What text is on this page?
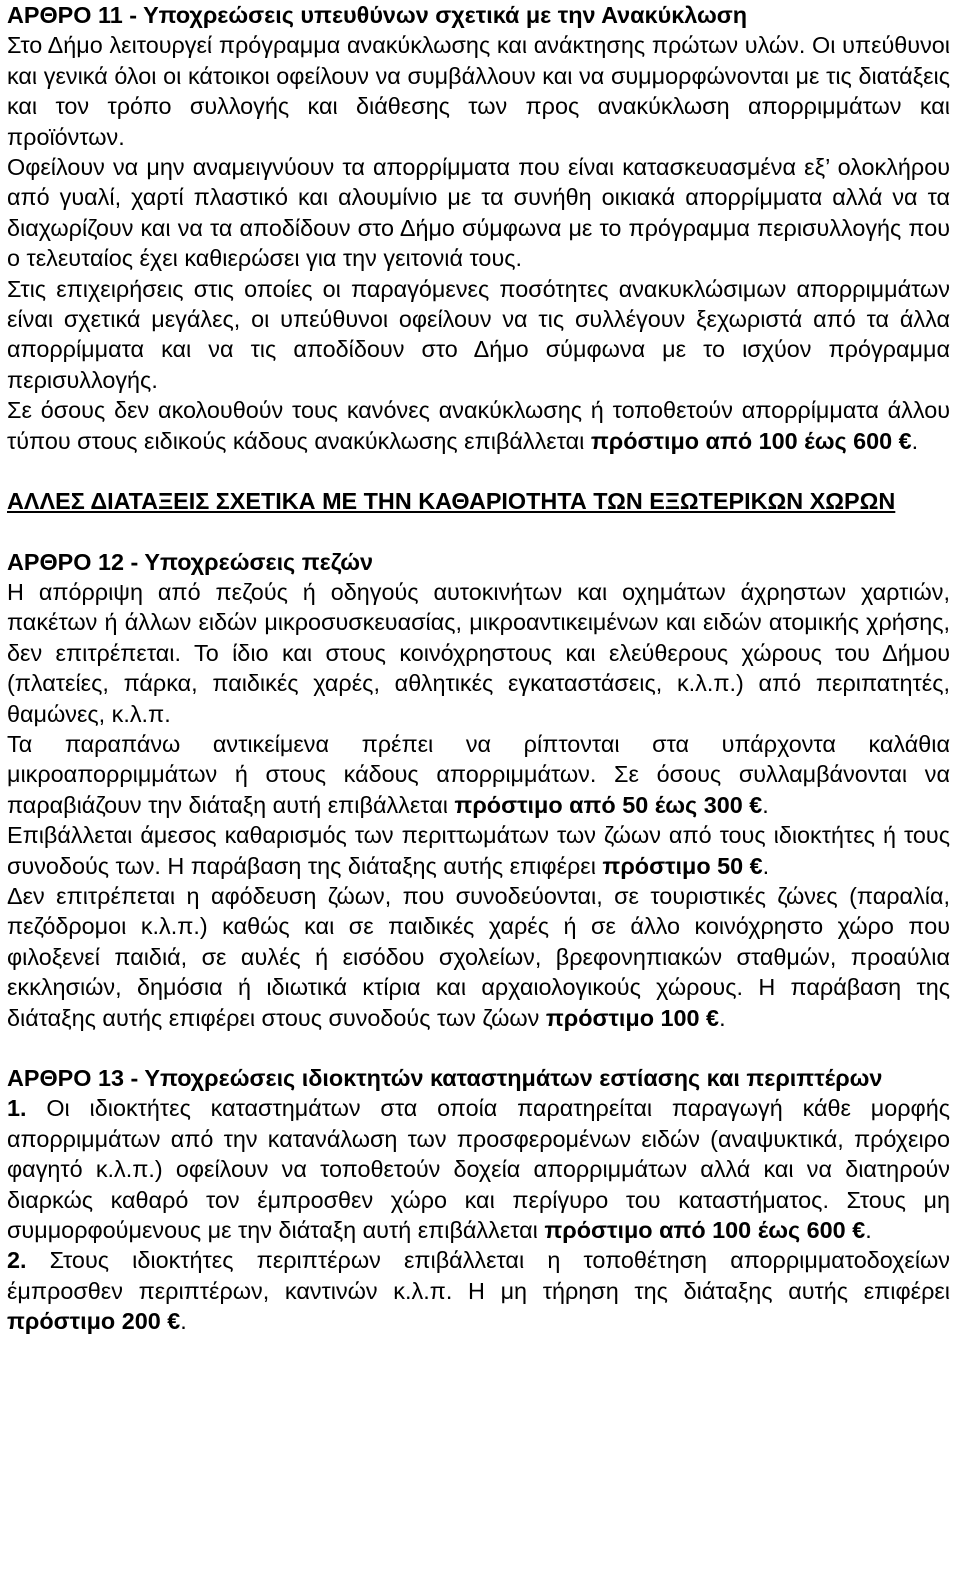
ΑΡΘΡΟ 11 - Υποχρεώσεις υπευθύνων σχετικά με την Ανακύκλωση

Στο Δήμο λειτουργεί πρόγραμμα ανακύκλωσης και ανάκτησης πρώτων υλών. Οι υπεύθυνοι και γενικά όλοι οι κάτοικοι οφείλουν να συμβάλλουν και να συμμορφώνονται με τις διατάξεις και τον τρόπο συλλογής και διάθεσης των προς ανακύκλωση απορριμμάτων και προϊόντων.

Οφείλουν να μην αναμειγνύουν τα απορρίμματα που είναι κατασκευασμένα εξ’ ολοκλήρου από γυαλί, χαρτί πλαστικό και αλουμίνιο με τα συνήθη οικιακά απορρίμματα αλλά να τα διαχωρίζουν και να τα αποδίδουν στο Δήμο σύμφωνα με το πρόγραμμα περισυλλογής που ο τελευταίος έχει καθιερώσει για την γειτονιά τους.

Στις επιχειρήσεις στις οποίες οι παραγόμενες ποσότητες ανακυκλώσιμων απορριμμάτων είναι σχετικά μεγάλες, οι υπεύθυνοι οφείλουν να τις συλλέγουν ξεχωριστά από τα άλλα απορρίμματα και να τις αποδίδουν στο Δήμο σύμφωνα με το ισχύον πρόγραμμα περισυλλογής.

Σε όσους δεν ακολουθούν τους κανόνες ανακύκλωσης ή τοποθετούν απορρίμματα άλλου τύπου στους ειδικούς κάδους ανακύκλωσης επιβάλλεται πρόστιμο από 100 έως 600 €.

ΑΛΛΕΣ ΔΙΑΤΑΞΕΙΣ ΣΧΕΤΙΚΑ ΜΕ ΤΗΝ ΚΑΘΑΡΙΟΤΗΤΑ ΤΩΝ ΕΞΩΤΕΡΙΚΩΝ ΧΩΡΩΝ

ΑΡΘΡΟ 12 - Υποχρεώσεις πεζών

Η απόρριψη από πεζούς ή οδηγούς αυτοκινήτων και οχημάτων άχρηστων χαρτιών, πακέτων ή άλλων ειδών μικροσυσκευασίας, μικροαντικειμένων και ειδών ατομικής χρήσης, δεν επιτρέπεται. Το ίδιο και στους κοινόχρηστους και ελεύθερους χώρους του Δήμου (πλατείες, πάρκα, παιδικές χαρές, αθλητικές εγκαταστάσεις, κ.λ.π.) από περιπατητές, θαμώνες, κ.λ.π.

Τα παραπάνω αντικείμενα πρέπει να ρίπτονται στα υπάρχοντα καλάθια μικροαπορριμμάτων ή στους κάδους απορριμμάτων. Σε όσους συλλαμβάνονται να παραβιάζουν την διάταξη αυτή επιβάλλεται πρόστιμο από 50 έως 300 €.

Επιβάλλεται άμεσος καθαρισμός των περιττωμάτων των ζώων από τους ιδιοκτήτες ή τους συνοδούς των. Η παράβαση της διάταξης αυτής επιφέρει πρόστιμο 50 €.

Δεν επιτρέπεται η αφόδευση ζώων, που συνοδεύονται, σε τουριστικές ζώνες (παραλία, πεζόδρομοι κ.λ.π.) καθώς και σε παιδικές χαρές ή σε άλλο κοινόχρηστο χώρο που φιλοξενεί παιδιά, σε αυλές ή εισόδου σχολείων, βρεφονηπιακών σταθμών, προαύλια εκκλησιών, δημόσια ή ιδιωτικά κτίρια και αρχαιολογικούς χώρους. Η παράβαση της διάταξης αυτής επιφέρει στους συνοδούς των ζώων πρόστιμο 100 €.

ΑΡΘΡΟ 13 - Υποχρεώσεις ιδιοκτητών καταστημάτων εστίασης και περιπτέρων

1. Οι ιδιοκτήτες καταστημάτων στα οποία παρατηρείται παραγωγή κάθε μορφής απορριμμάτων από την κατανάλωση των προσφερομένων ειδών (αναψυκτικά, πρόχειρο φαγητό κ.λ.π.) οφείλουν να τοποθετούν δοχεία απορριμμάτων αλλά και να διατηρούν διαρκώς καθαρό τον έμπροσθεν χώρο και περίγυρο του καταστήματος. Στους μη συμμορφούμενους με την διάταξη αυτή επιβάλλεται πρόστιμο από 100 έως 600 €.

2. Στους ιδιοκτήτες περιπτέρων επιβάλλεται η τοποθέτηση απορριμματοδοχείων έμπροσθεν περιπτέρων, καντινών κ.λ.π. Η μη τήρηση της διάταξης αυτής επιφέρει πρόστιμο 200 €.
